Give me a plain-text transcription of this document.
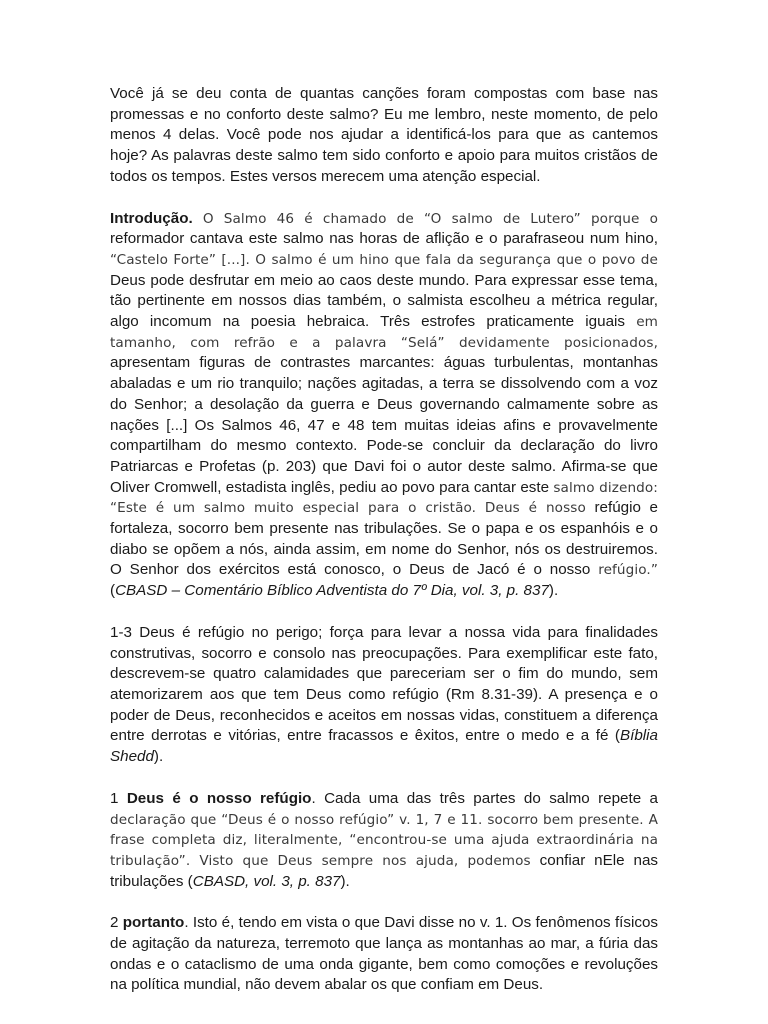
Você já se deu conta de quantas canções foram compostas com base nas promessas e no conforto deste salmo? Eu me lembro, neste momento, de pelo menos 4 delas. Você pode nos ajudar a identificá-los para que as cantemos hoje? As palavras deste salmo tem sido conforto e apoio para muitos cristãos de todos os tempos. Estes versos merecem uma atenção especial.

Introdução. O Salmo 46 é chamado de “O salmo de Lutero” porque o reformador cantava este salmo nas horas de aflição e o parafraseou num hino, “Castelo Forte” [...]. O salmo é um hino que fala da segurança que o povo de Deus pode desfrutar em meio ao caos deste mundo. Para expressar esse tema, tão pertinente em nossos dias também, o salmista escolheu a métrica regular, algo incomum na poesia hebraica. Três estrofes praticamente iguais em tamanho, com refrão e a palavra “Selá” devidamente posicionados, apresentam figuras de contrastes marcantes: águas turbulentas, montanhas abaladas e um rio tranquilo; nações agitadas, a terra se dissolvendo com a voz do Senhor; a desolação da guerra e Deus governando calmamente sobre as nações [...] Os Salmos 46, 47 e 48 tem muitas ideias afins e provavelmente compartilham do mesmo contexto. Pode-se concluir da declaração do livro Patriarcas e Profetas (p. 203) que Davi foi o autor deste salmo. Afirma-se que Oliver Cromwell, estadista inglês, pediu ao povo para cantar este salmo dizendo: “Este é um salmo muito especial para o cristão. Deus é nosso refúgio e fortaleza, socorro bem presente nas tribulações. Se o papa e os espanhóis e o diabo se opõem a nós, ainda assim, em nome do Senhor, nós os destruiremos. O Senhor dos exércitos está conosco, o Deus de Jacó é o nosso refúgio.” (CBASD – Comentário Bíblico Adventista do 7º Dia, vol. 3, p. 837).

1-3 Deus é refúgio no perigo; força para levar a nossa vida para finalidades construtivas, socorro e consolo nas preocupações. Para exemplificar este fato, descrevem-se quatro calamidades que pareceriam ser o fim do mundo, sem atemorizarem aos que tem Deus como refúgio (Rm 8.31-39). A presença e o poder de Deus, reconhecidos e aceitos em nossas vidas, constituem a diferença entre derrotas e vitórias, entre fracassos e êxitos, entre o medo e a fé (Bíblia Shedd).

1 Deus é o nosso refúgio. Cada uma das três partes do salmo repete a declaração que “Deus é o nosso refúgio” v. 1, 7 e 11. socorro bem presente. A frase completa diz, literalmente, “encontrou-se uma ajuda extraordinária na tribulação”. Visto que Deus sempre nos ajuda, podemos confiar nEle nas tribulações (CBASD, vol. 3, p. 837).

2 portanto. Isto é, tendo em vista o que Davi disse no v. 1. Os fenômenos físicos de agitação da natureza, terremoto que lança as montanhas ao mar, a fúria das ondas e o cataclismo de uma onda gigante, bem como comoções e revoluções na política mundial, não devem abalar os que confiam em Deus.
